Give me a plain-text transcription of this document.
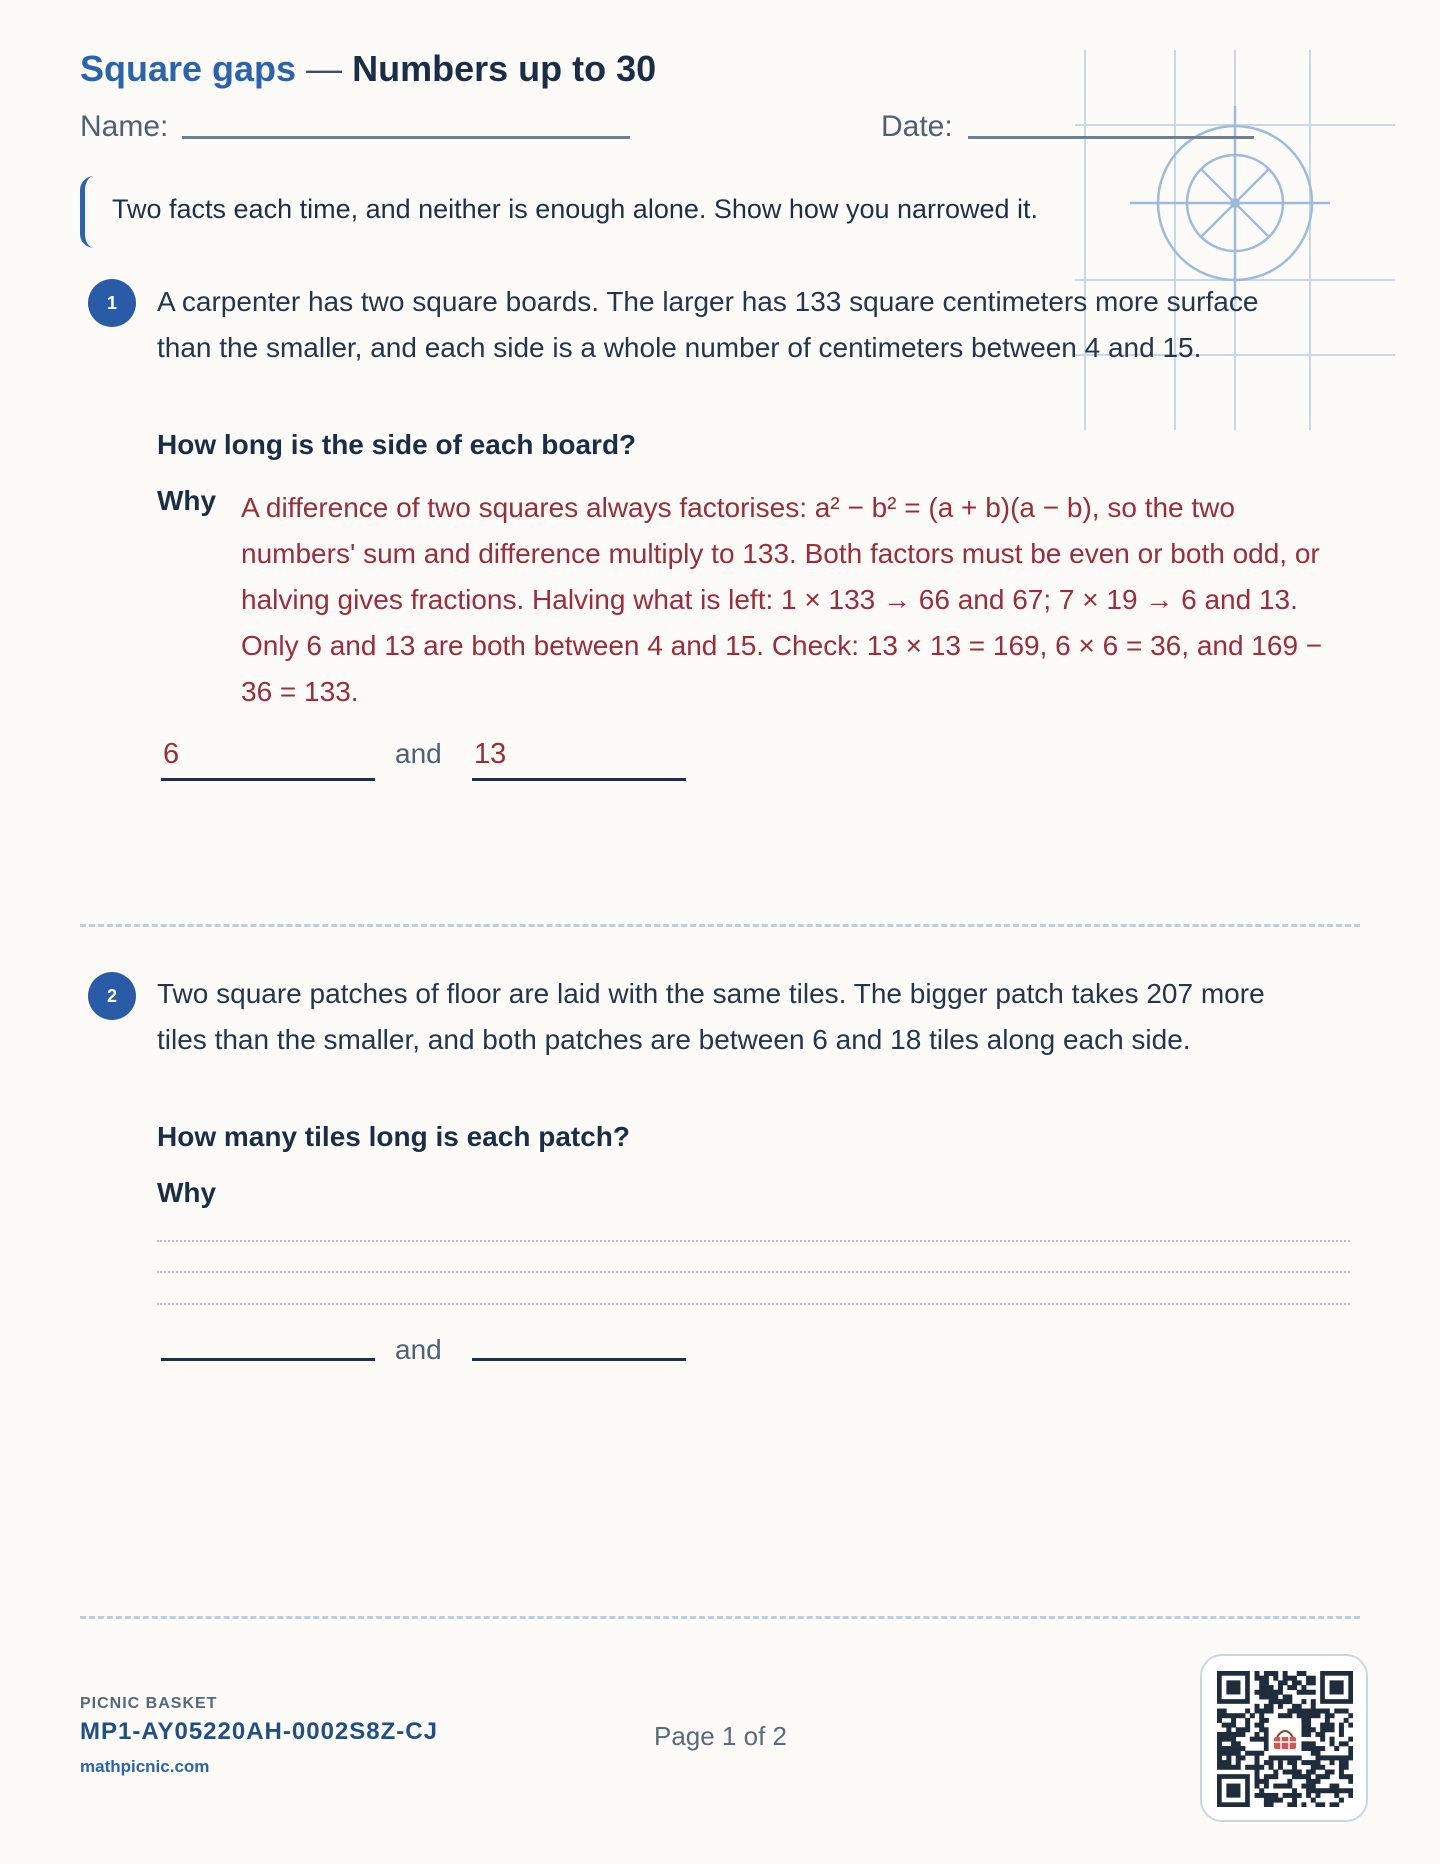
Square gaps — Numbers up to 30
Name:	Date:
Two facts each time, and neither is enough alone. Show how you narrowed it.
1	A carpenter has two square boards. The larger has 133 square centimeters more surface than the smaller, and each side is a whole number of centimeters between 4 and 15.
How long is the side of each board?
Why A difference of two squares always factorises: a² − b² = (a + b)(a − b), so the two numbers' sum and difference multiply to 133. Both factors must be even or both odd, or halving gives fractions. Halving what is left: 1 × 133 → 66 and 67; 7 × 19 → 6 and 13. Only 6 and 13 are both between 4 and 15. Check: 13 × 13 = 169, 6 × 6 = 36, and 169 − 36 = 133.
6	and 13
2	Two square patches of floor are laid with the same tiles. The bigger patch takes 207 more tiles than the smaller, and both patches are between 6 and 18 tiles along each side.
How many tiles long is each patch?
Why
and
PICNIC BASKET
MP1-AY05220AH-0002S8Z-CJ
mathpicnic.com
Page 1 of 2
